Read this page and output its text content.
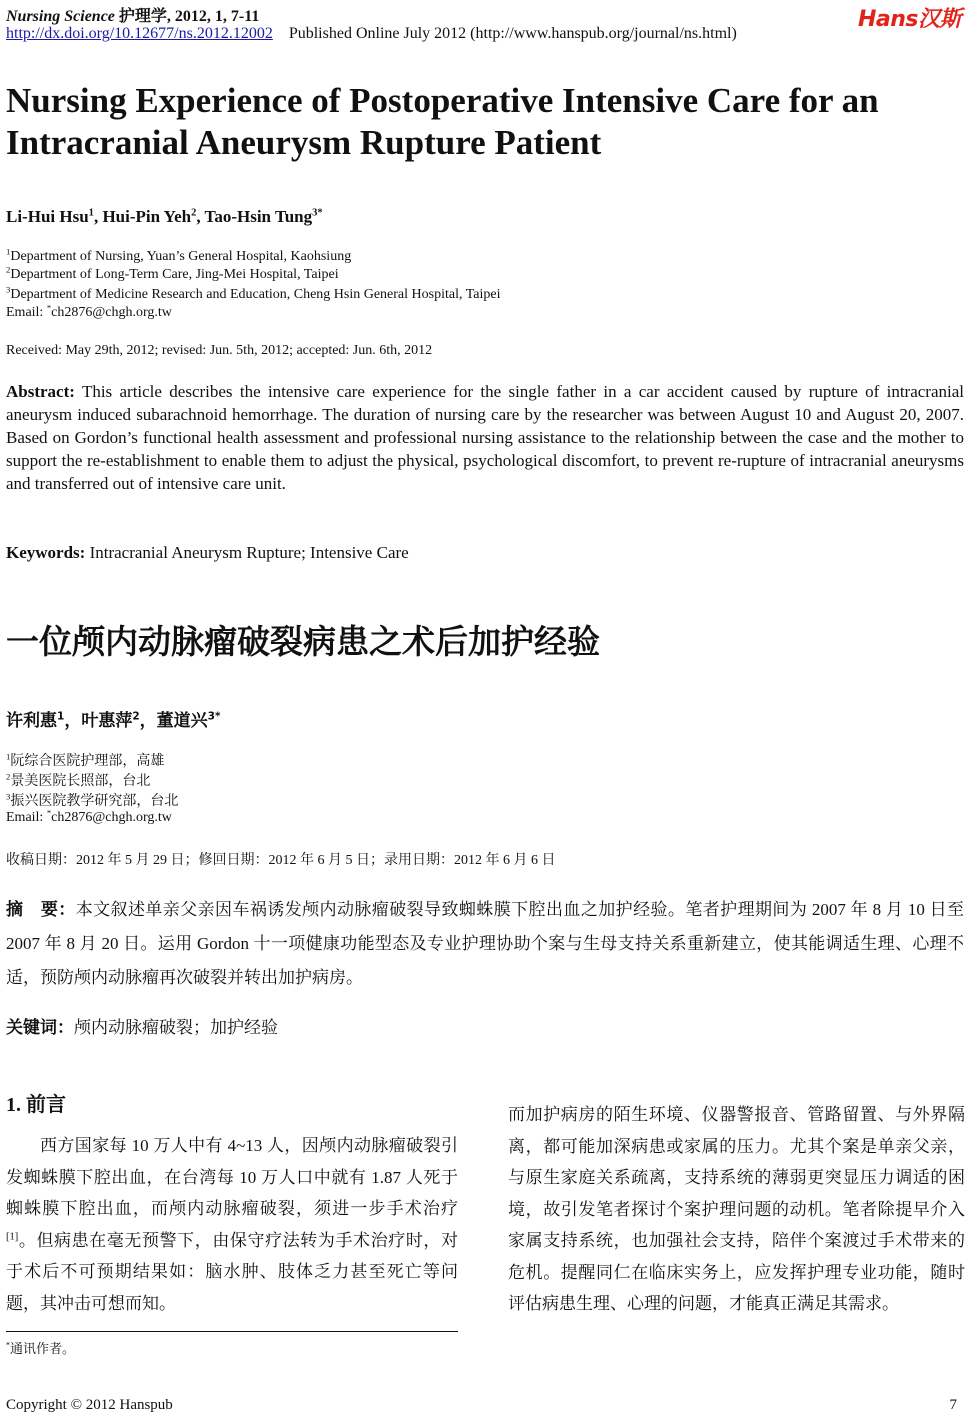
Nursing Science 护理学, 2012, 1, 7-11
http://dx.doi.org/10.12677/ns.2012.12002 Published Online July 2012 (http://www.hanspub.org/journal/ns.html)
Hans汉斯
Nursing Experience of Postoperative Intensive Care for an Intracranial Aneurysm Rupture Patient
Li-Hui Hsu$^1$, Hui-Pin Yeh$^2$, Tao-Hsin Tung$^{3*}$
$^1$Department of Nursing, Yuan’s General Hospital, Kaohsiung
$^2$Department of Long-Term Care, Jing-Mei Hospital, Taipei
$^3$Department of Medicine Research and Education, Cheng Hsin General Hospital, Taipei
Email: *ch2876@chgh.org.tw
Received: May 29th, 2012; revised: Jun. 5th, 2012; accepted: Jun. 6th, 2012
Abstract: This article describes the intensive care experience for the single father in a car accident caused by rupture of intracranial aneurysm induced subarachnoid hemorrhage. The duration of nursing care by the researcher was between August 10 and August 20, 2007. Based on Gordon’s functional health assessment and professional nursing assistance to the relationship between the case and the mother to support the re-establishment to enable them to adjust the physical, psychological discomfort, to prevent re-rupture of intracranial aneurysms and transferred out of intensive care unit.
Keywords: Intracranial Aneurysm Rupture; Intensive Care
一位颅内动脉瘤破裂病患之术后加护经验
许利惠$^1$，叶惠萍$^2$，董道兴$^{3*}$
$^1$阮综合医院护理部，高雄
$^2$景美医院长照部，台北
$^3$振兴医院教学研究部，台北
Email: *ch2876@chgh.org.tw
收稿日期：2012 年 5 月 29 日；修回日期：2012 年 6 月 5 日；录用日期：2012 年 6 月 6 日
摘　要：本文叙述单亲父亲因车祸诱发颅内动脉瘤破裂导致蜘蛛膜下腔出血之加护经验。笔者护理期间为 2007 年 8 月 10 日至 2007 年 8 月 20 日。运用 Gordon 十一项健康功能型态及专业护理协助个案与生母支持关系重新建立，使其能调适生理、心理不适，预防颅内动脉瘤再次破裂并转出加护病房。
关键词：颅内动脉瘤破裂；加护经验
1. 前言

西方国家每 10 万人中有 4~13 人，因颅内动脉瘤破裂引发蜘蛛膜下腔出血，在台湾每 10 万人口中就有 1.87 人死于蜘蛛膜下腔出血，而颅内动脉瘤破裂，须进一步手术治疗[1]。但病患在毫无预警下，由保守疗法转为手术治疗时，对于术后不可预期结果如：脑水肿、肢体乏力甚至死亡等问题，其冲击可想而知。

而加护病房的陌生环境、仪器警报音、管路留置、与外界隔离，都可能加深病患或家属的压力。尤其个案是单亲父亲，与原生家庭关系疏离，支持系统的薄弱更突显压力调适的困境，故引发笔者探讨个案护理问题的动机。笔者除提早介入家属支持系统，也加强社会支持，陪伴个案渡过手术带来的危机。提醒同仁在临床实务上，应发挥护理专业功能，随时评估病患生理、心理的问题，才能真正满足其需求。

*通讯作者。
Copyright © 2012 Hanspub	7
